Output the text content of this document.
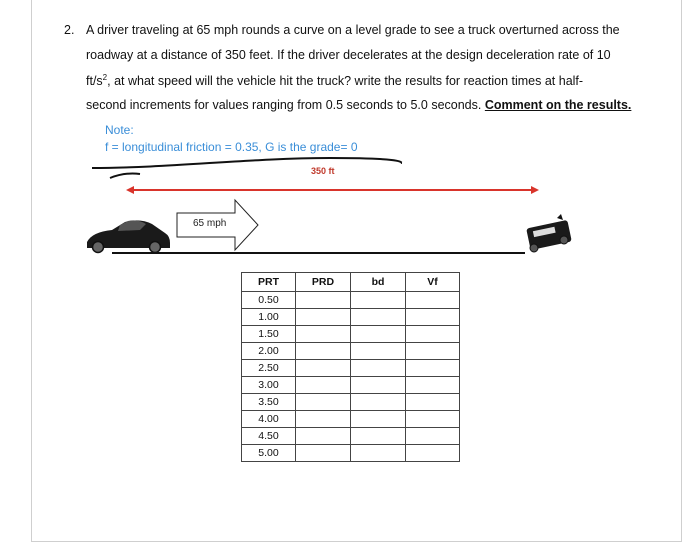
2. A driver traveling at 65 mph rounds a curve on a level grade to see a truck overturned across the
roadway at a distance of 350 feet. If the driver decelerates at the design deceleration rate of 10
$ft/s^2$, at what speed will the vehicle hit the truck? write the results for reaction times at half-
second increments for values ranging from 0.5 seconds to 5.0 seconds. Comment on the results.
Note:
f = longitudinal friction = 0.35, G is the grade= 0
350 ft
65 mph
PRT	PRD	bd	Vf
0.50			
1.00			
1.50			
2.00			
2.50			
3.00			
3.50			
4.00			
4.50			
5.00			
